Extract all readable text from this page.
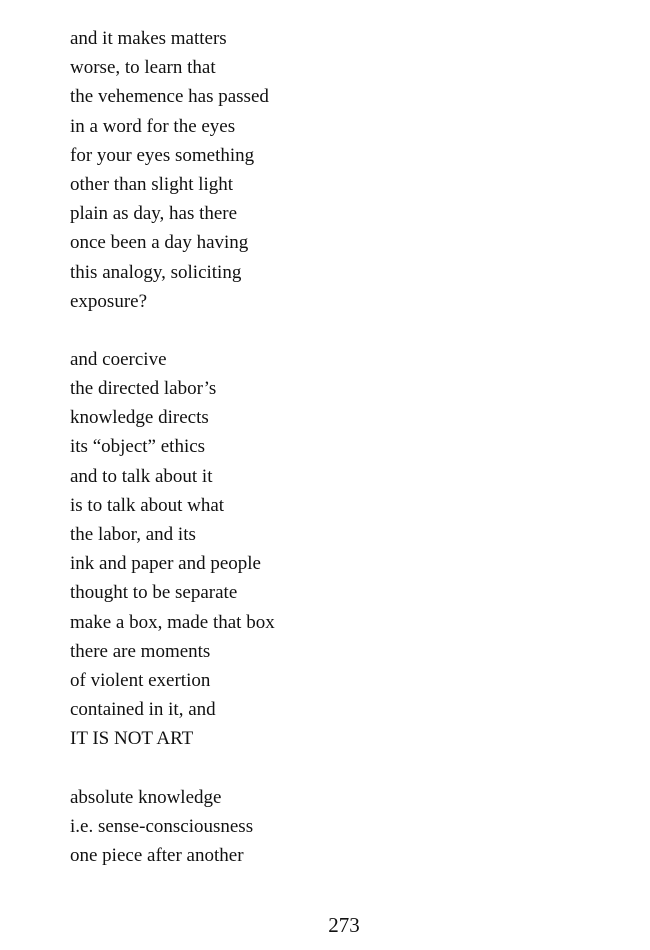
and it makes matters
worse, to learn that
the vehemence has passed
in a word for the eyes
for your eyes something
other than slight light
plain as day, has there
once been a day having
this analogy, soliciting
exposure?
and coercive
the directed labor’s
knowledge directs
its “object” ethics
and to talk about it
is to talk about what
the labor, and its
ink and paper and people
thought to be separate
make a box, made that box
there are moments
of violent exertion
contained in it, and
IT IS NOT ART
absolute knowledge
i.e. sense-consciousness
one piece after another
273
